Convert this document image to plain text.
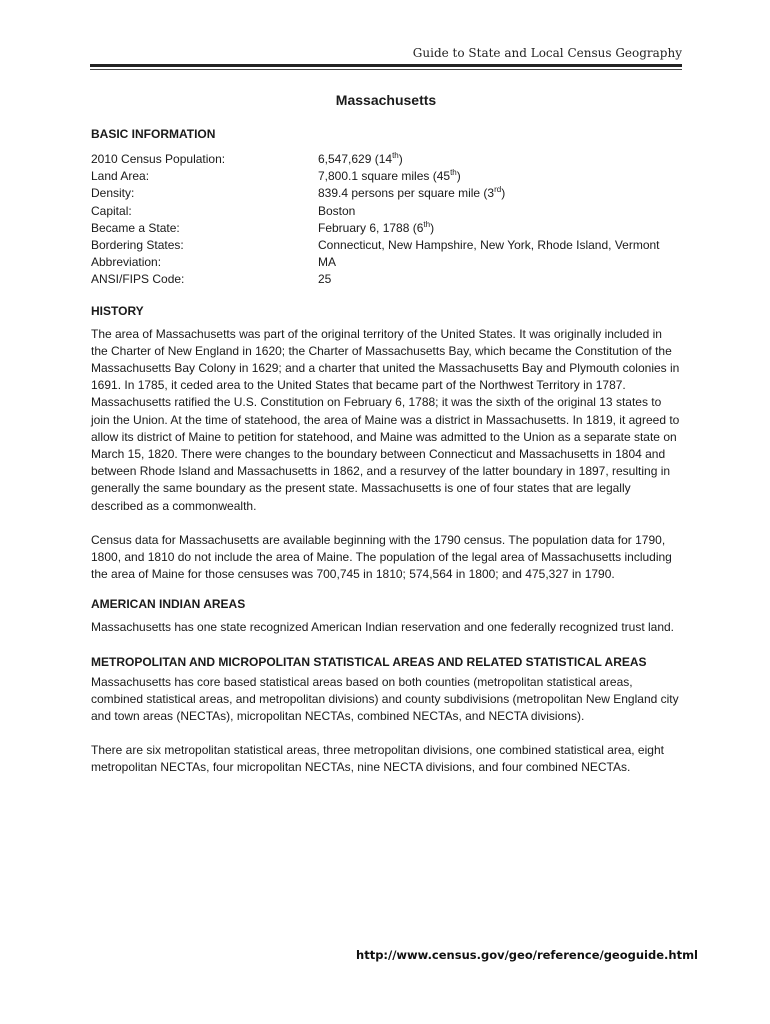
Guide to State and Local Census Geography
Massachusetts
BASIC INFORMATION
2010 Census Population:	6,547,629 (14th)
Land Area:	7,800.1 square miles (45th)
Density:	839.4 persons per square mile (3rd)
Capital:	Boston
Became a State:	February 6, 1788 (6th)
Bordering States:	Connecticut, New Hampshire, New York, Rhode Island, Vermont
Abbreviation:	MA
ANSI/FIPS Code:	25
HISTORY

The area of Massachusetts was part of the original territory of the United States. It was originally included in the Charter of New England in 1620; the Charter of Massachusetts Bay, which became the Constitution of the Massachusetts Bay Colony in 1629; and a charter that united the Massachusetts Bay and Plymouth colonies in 1691. In 1785, it ceded area to the United States that became part of the Northwest Territory in 1787. Massachusetts ratified the U.S. Constitution on February 6, 1788; it was the sixth of the original 13 states to join the Union. At the time of statehood, the area of Maine was a district in Massachusetts. In 1819, it agreed to allow its district of Maine to petition for statehood, and Maine was admitted to the Union as a separate state on March 15, 1820. There were changes to the boundary between Connecticut and Massachusetts in 1804 and between Rhode Island and Massachusetts in 1862, and a resurvey of the latter boundary in 1897, resulting in generally the same boundary as the present state. Massachusetts is one of four states that are legally described as a commonwealth.

Census data for Massachusetts are available beginning with the 1790 census. The population data for 1790, 1800, and 1810 do not include the area of Maine. The population of the legal area of Massachusetts including the area of Maine for those censuses was 700,745 in 1810; 574,564 in 1800; and 475,327 in 1790.

AMERICAN INDIAN AREAS

Massachusetts has one state recognized American Indian reservation and one federally recognized trust land.

METROPOLITAN AND MICROPOLITAN STATISTICAL AREAS AND RELATED STATISTICAL AREAS

Massachusetts has core based statistical areas based on both counties (metropolitan statistical areas, combined statistical areas, and metropolitan divisions) and county subdivisions (metropolitan New England city and town areas (NECTAs), micropolitan NECTAs, combined NECTAs, and NECTA divisions).

There are six metropolitan statistical areas, three metropolitan divisions, one combined statistical area, eight metropolitan NECTAs, four micropolitan NECTAs, nine NECTA divisions, and four combined NECTAs.

http://www.census.gov/geo/reference/geoguide.html
